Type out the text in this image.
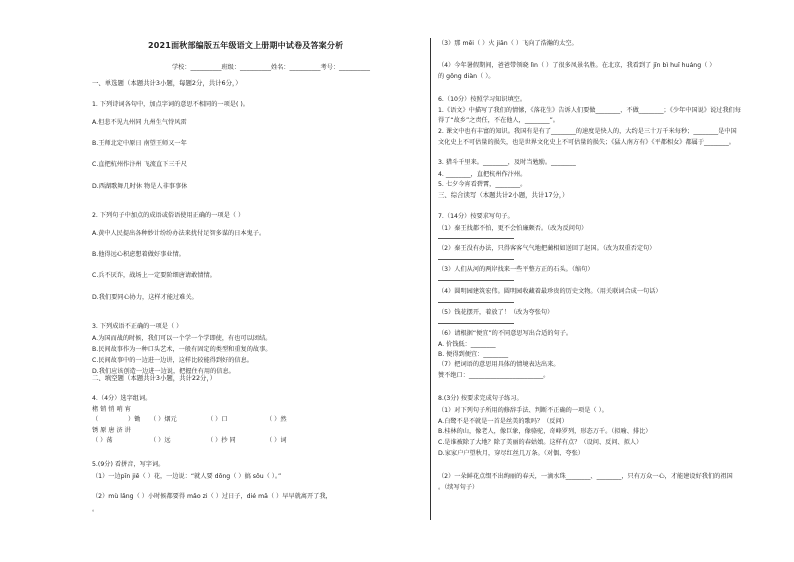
2021面秋部编版五年级语文上册期中试卷及答案分析
学校：__________班级：__________姓名：__________考号：__________
一、单选题（本题共计3小题，每题2分，共计6分，）
1. 下列诗词各句中，加点字词的意思不相同的一项是( )。
A.但悲不见九州同 九州生气恃风雷
B.王师北定中原日 南望王师又一年
C.直把杭州作汴州 飞流直下三千尺
D.西湖歌舞几时休 物是人非事事休
2. 下列句子中加点的成语或俗语使用正确的一项是（ ）
A.黄中人民提出各种妙计纷纷办法来扰付足智多谋的日本鬼子。
B.他得远心积虑想着做好事业情。
C.兵不厌诈，战场上一定要阶细唐请敢情情。
D.我们要同心协力，这样才能过难关。
3. 下列成语不正确的一项是（ ）
A.为国而战的时候，我们可以一个学一个学即使，有也可以团结。
B.民间故事作为一种口头艺术，一般有固定的类型和重复的故事。
C.民间故事中的一边进一边讲，这样比较能得到好的信息。
D.我们应该创造一边进一边说，把握住有用的信息。
二、填空题（本题共计3小题，共计22分，）
4.（4分）选字组词。
楮 销 悄 哨 宵
（	）锄 （ ）烟元	（ ）口	（ ）然
锈 原 唐 济 讲
（ ）荡	（ ）远	（ ）抄 同	（ ）词
5.(9分) 看拼音，写字词。
（1）一边pīn jiē（ ）花，一边说：“就人要 dōng（ ）搞 sōu（ ）。”
（2）mù lǎng（ ）小时候都要得 mǎo zi（ ）过日子，dié mā（ ）早早就离开了我，
。
（3）那 mēi（ ）火 jiān（ ）飞向了浩瀚的太空。
（4）今年暑假期间，爸爸带领晓 lìn（ ）了很多凤景名胜。在北京，我看到了 jīn bì huī huáng（ ）
的 gōng diàn（ ）。
6.（10分）按照学习知识填空。
1.《语文》中描写了我们的情愫，《落花生》告诉人们要做________、不做________；《少年中国说》说过我们每
得了“故乡”之责任，不在他人，________”。
2. 课文中也有丰富的知识。我国有是有了________的速度是快人的，大约是三十万千米每秒；________是中国
文化史上不可估量的损失，也是世界文化史上不可估量的损失；《猛人南方有》《平都相女》都属于________。
3. 猎斗千里来。________，及时当勉励。________
4. ________，直把杭州作汴州。
5. 七夕今宵看碧霄，________。
三、综合读写（本题共计2小题，共计17分，）
7.（14分）按要求写句子。
（1）秦王找都不怕，更不会怕廉颇否。（改为反问句）
（2）秦王没有办法，只得客客气气地把蔺相如送回了赵国。（改为双重否定句）
（3）人们从河的两岸找来一些平整方正的石头。（缩句）
（4）圆明园建筑宏伟。圆明园收藏着最珍贵的历史文物。（用关联词合成一句话）
（5）钱花摆开，着放了！（改为夸张句）
（6）请根据“便宜”的不同意思写出合适的句子。
A. 价钱低：________
B. 便得到便宜：________
（7）把词语的意思用具体的情境表达出来。
赞不绝口：________________________。
8.(3分) 按要求完成句子练习。
（1）对下列句子所用的修辞手法、判断不正确的一项是（ ）。
A.白鹭不是不就是一首是丝美的歌吗？（反问）
B.桂林的山，像老人，像巨象，像骆驼，奇峰罗列，形态万千。（拟喻、排比）
C.是谁被除了大地？除了美丽的春姑娘。这样有点？（设问、反问、拟人）
D.家家户户望秋月，穿尽红丝几万条。（对偶、夸张）
（2）一朵鲜花点缀不出绚丽的春天，一滴水珠________、________，只有万众一心，才能建设好我们的祖国
。（续写句子）
